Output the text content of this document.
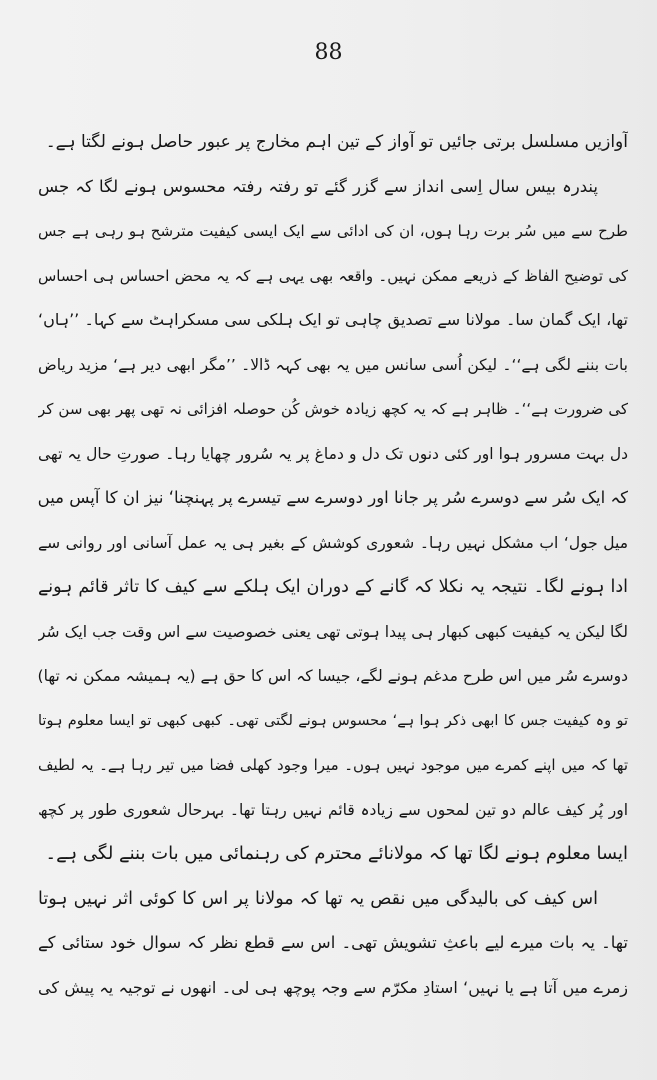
88
آوازیں مسلسل برتی جائیں تو آواز کے تین اہم مخارج پر عبور حاصل ہونے لگتا ہے۔
پندرہ بیس سال اِسی انداز سے گزر گئے تو رفتہ رفتہ محسوس ہونے لگا کہ جس
طرح سے میں سُر برت رہا ہوں، ان کی ادائی سے ایک ایسی کیفیت مترشح ہو رہی ہے جس
کی توضیح الفاظ کے ذریعے ممکن نہیں۔ واقعہ بھی یہی ہے کہ یہ محض احساس ہی احساس
تھا، ایک گمان سا۔ مولانا سے تصدیق چاہی تو ایک ہلکی سی مسکراہٹ سے کہا۔ ’’ہاں‘
بات بننے لگی ہے‘‘۔ لیکن اُسی سانس میں یہ بھی کہہ ڈالا۔ ’’مگر ابھی دیر ہے‘ مزید ریاض
کی ضرورت ہے‘‘۔ ظاہر ہے کہ یہ کچھ زیادہ خوش کُن حوصلہ افزائی نہ تھی پھر بھی سن کر
دل بہت مسرور ہوا اور کئی دنوں تک دل و دماغ پر یہ سُرور چھایا رہا۔ صورتِ حال یہ تھی
کہ ایک سُر سے دوسرے سُر پر جانا اور دوسرے سے تیسرے پر پہنچنا‘ نیز ان کا آپس میں
میل جول‘ اب مشکل نہیں رہا۔ شعوری کوشش کے بغیر ہی یہ عمل آسانی اور روانی سے
ادا ہونے لگا۔ نتیجہ یہ نکلا کہ گانے کے دوران ایک ہلکے سے کیف کا تاثر قائم ہونے
لگا لیکن یہ کیفیت کبھی کبھار ہی پیدا ہوتی تھی یعنی خصوصیت سے اس وقت جب ایک سُر
دوسرے سُر میں اس طرح مدغم ہونے لگے، جیسا کہ اس کا حق ہے (یہ ہمیشہ ممکن نہ تھا)
تو وہ کیفیت جس کا ابھی ذکر ہوا ہے‘ محسوس ہونے لگتی تھی۔ کبھی کبھی تو ایسا معلوم ہوتا
تھا کہ میں اپنے کمرے میں موجود نہیں ہوں۔ میرا وجود کھلی فضا میں تیر رہا ہے۔ یہ لطیف
اور پُر کیف عالم دو تین لمحوں سے زیادہ قائم نہیں رہتا تھا۔ بہرحال شعوری طور پر کچھ
ایسا معلوم ہونے لگا تھا کہ مولانائے محترم کی رہنمائی میں بات بننے لگی ہے۔
اس کیف کی بالیدگی میں نقص یہ تھا کہ مولانا پر اس کا کوئی اثر نہیں ہوتا
تھا۔ یہ بات میرے لیے باعثِ تشویش تھی۔ اس سے قطع نظر کہ سوال خود ستائی کے
زمرے میں آتا ہے یا نہیں‘ استادِ مکرّم سے وجہ پوچھ ہی لی۔ انھوں نے توجیہ یہ پیش کی
